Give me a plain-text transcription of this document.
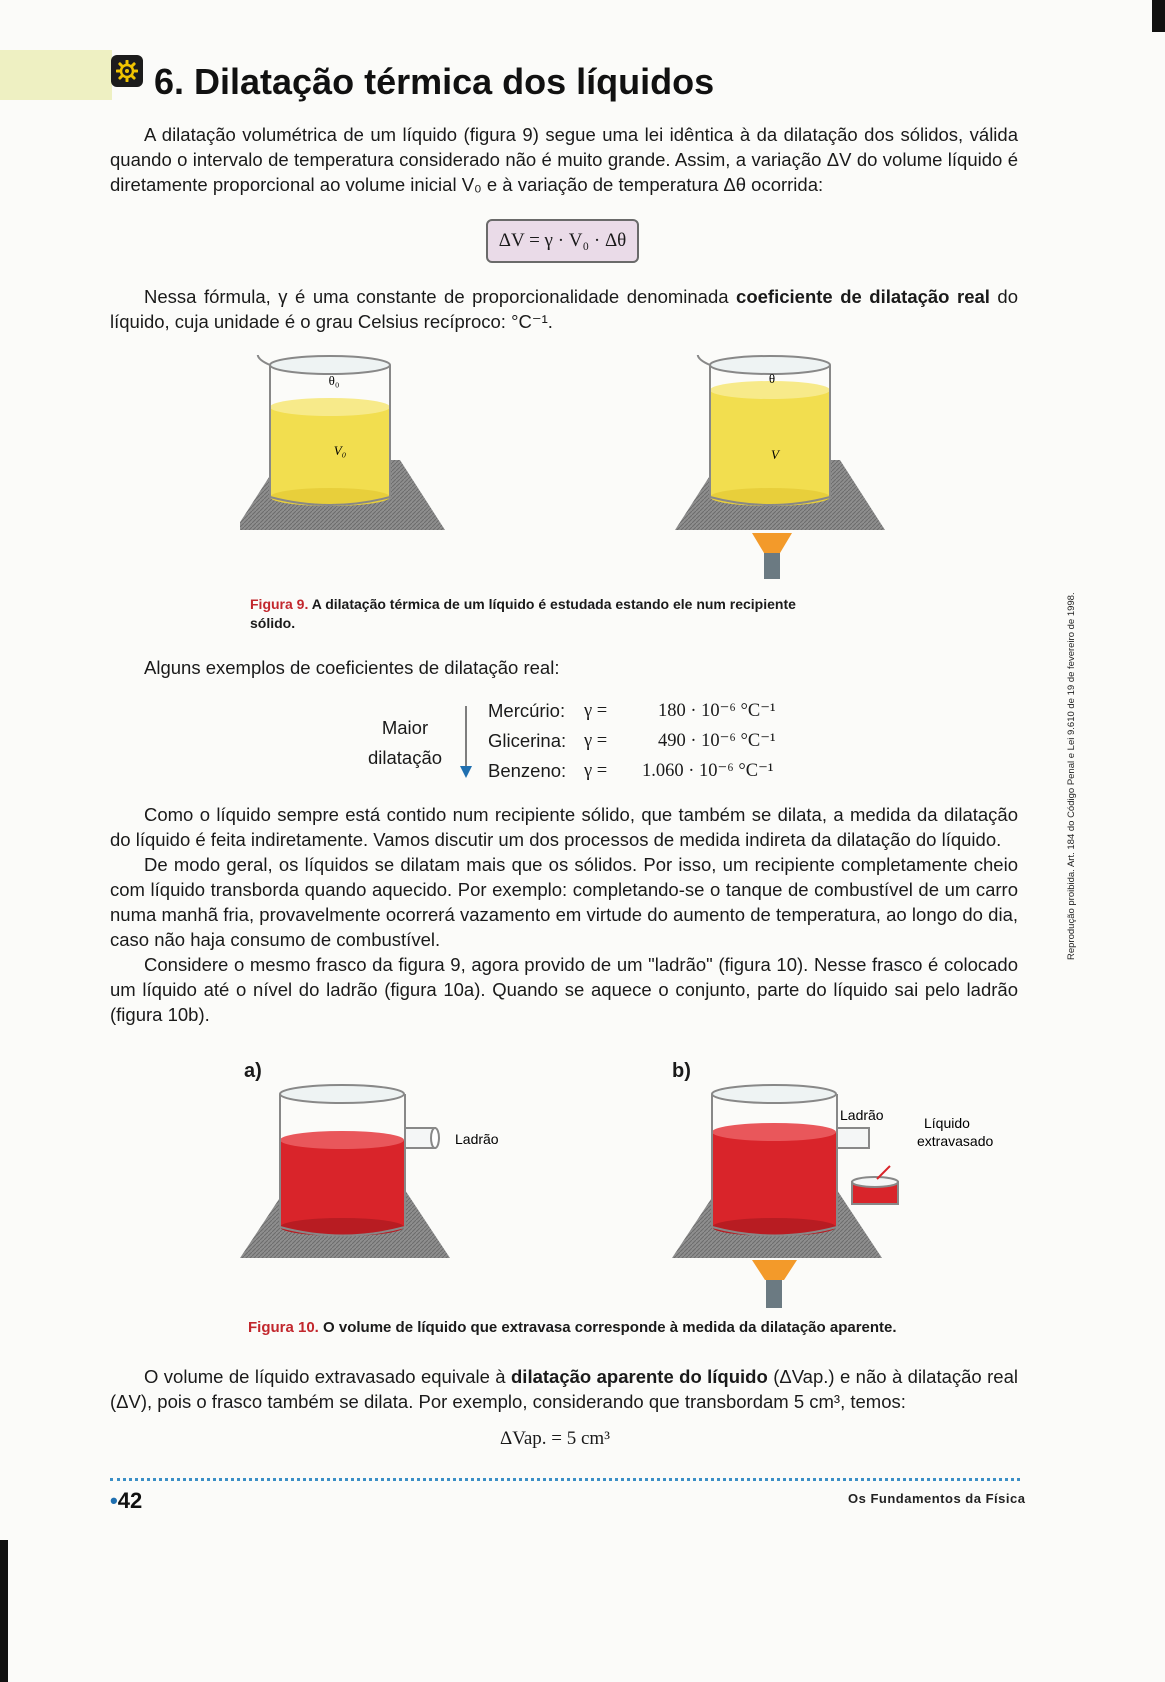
6. Dilatação térmica dos líquidos

A dilatação volumétrica de um líquido (figura 9) segue uma lei idêntica à da dilatação dos sólidos, válida quando o intervalo de temperatura considerado não é muito grande. Assim, a variação ΔV do volume líquido é diretamente proporcional ao volume inicial V₀ e à variação de temperatura Δθ ocorrida:

ΔV = γ · V₀ · Δθ

Nessa fórmula, γ é uma constante de proporcionalidade denominada coeficiente de dilatação real do líquido, cuja unidade é o grau Celsius recíproco: °C⁻¹.

θ₀
V₀
θ
V
Figura 9. A dilatação térmica de um líquido é estudada estando ele num recipiente sólido.
Alguns exemplos de coeficientes de dilatação real:
Maior
dilatação
Mercúrio:	γ =	180 · 10⁻⁶ °C⁻¹
Glicerina: γ =	490 · 10⁻⁶ °C⁻¹
Benzeno: γ =	1.060 · 10⁻⁶ °C⁻¹

Como o líquido sempre está contido num recipiente sólido, que também se dilata, a medida da dilatação do líquido é feita indiretamente. Vamos discutir um dos processos de medida indireta da dilatação do líquido.

De modo geral, os líquidos se dilatam mais que os sólidos. Por isso, um recipiente completamente cheio com líquido transborda quando aquecido. Por exemplo: completando-se o tanque de combustível de um carro numa manhã fria, provavelmente ocorrerá vazamento em virtude do aumento de temperatura, ao longo do dia, caso não haja consumo de combustível.

Considere o mesmo frasco da figura 9, agora provido de um "ladrão" (figura 10). Nesse frasco é colocado um líquido até o nível do ladrão (figura 10a). Quando se aquece o conjunto, parte do líquido sai pelo ladrão (figura 10b).

a)	b)
Ladrão
Ladrão	Líquido
extravasado
Figura 10. O volume de líquido que extravasa corresponde à medida da dilatação aparente.

O volume de líquido extravasado equivale à dilatação aparente do líquido (ΔVap.) e não à dilatação real (ΔV), pois o frasco também se dilata. Por exemplo, considerando que transbordam 5 cm³, temos:

ΔVap. = 5 cm³
•42	Os Fundamentos da Física
Reprodução proibida. Art. 184 do Código Penal e Lei 9.610 de 19 de fevereiro de 1998.
